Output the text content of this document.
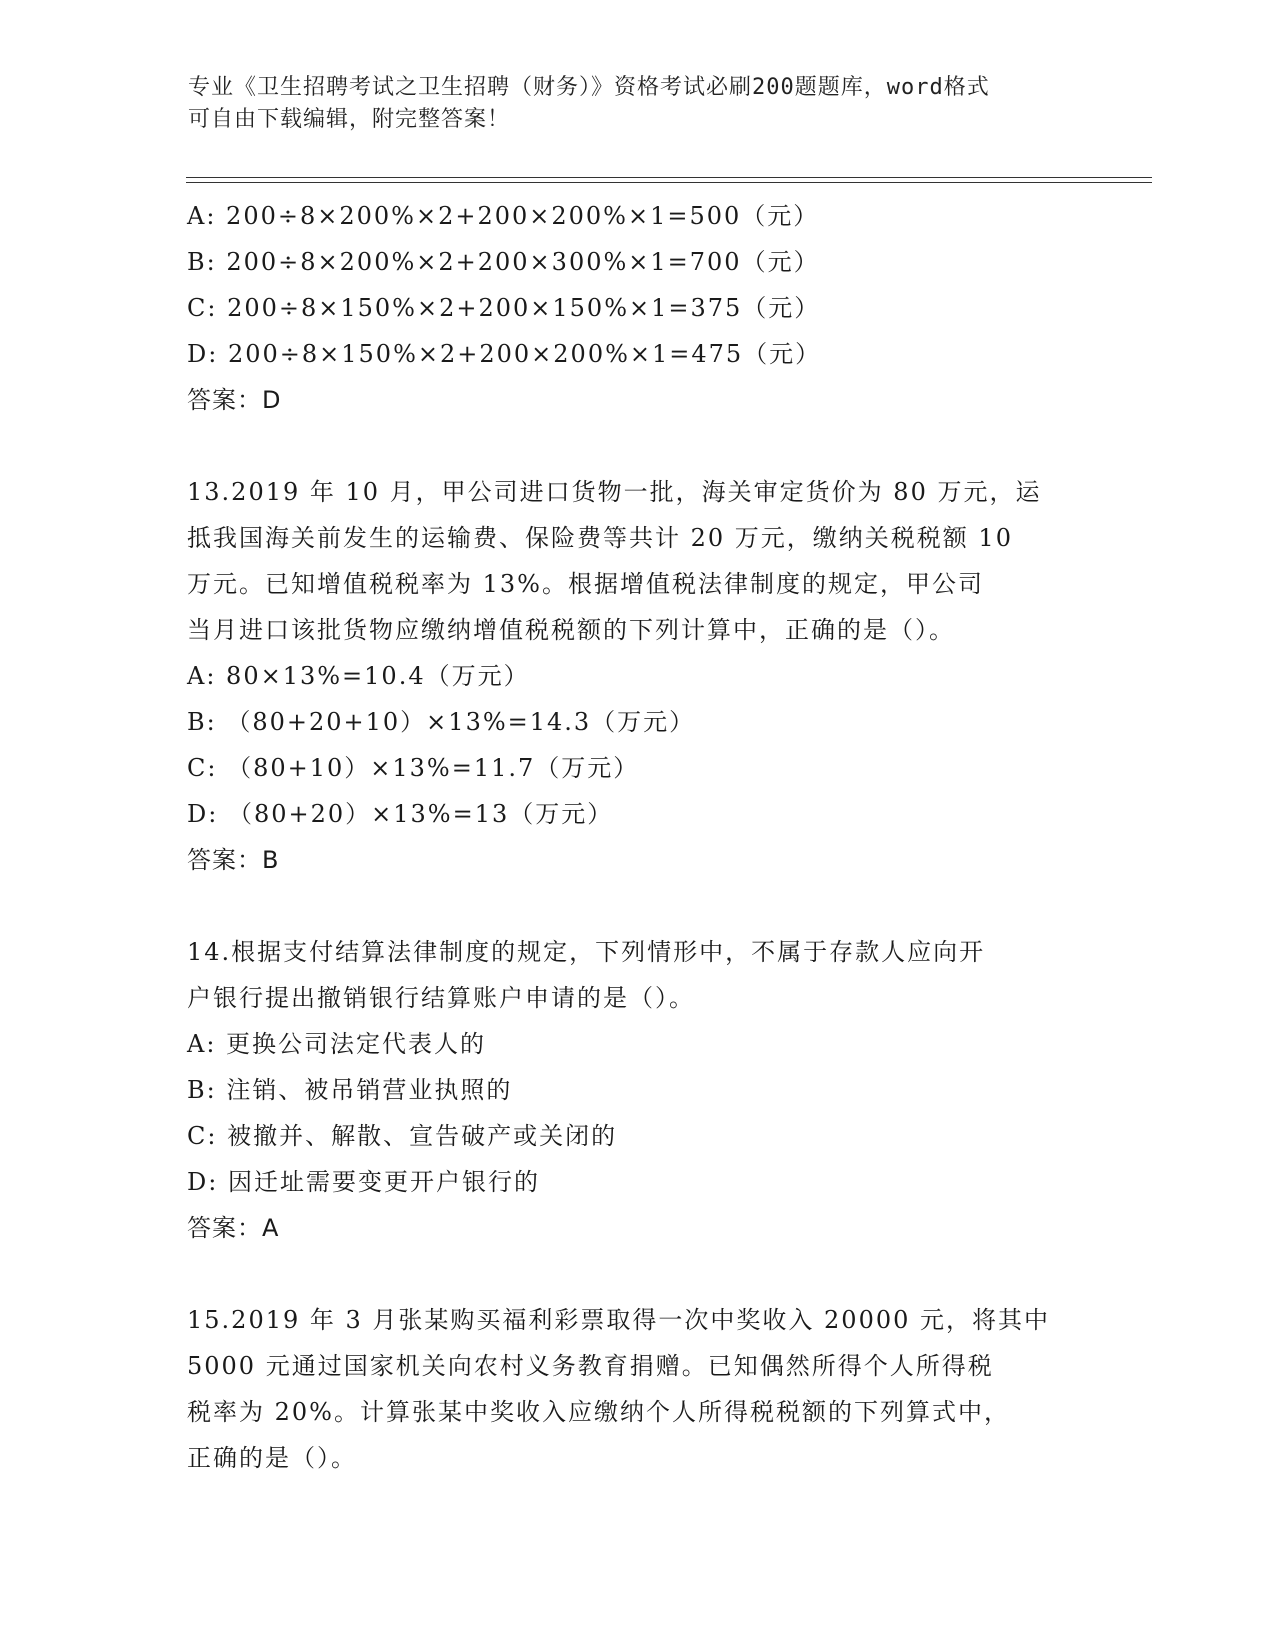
专业《卫生招聘考试之卫生招聘（财务）》资格考试必刷200题题库，word格式
可自由下载编辑，附完整答案！
A: 200÷8×200%×2+200×200%×1=500（元）
B: 200÷8×200%×2+200×300%×1=700（元）
C: 200÷8×150%×2+200×150%×1=375（元）
D: 200÷8×150%×2+200×200%×1=475（元）
答案：D
13.2019 年 10 月，甲公司进口货物一批，海关审定货价为 80 万元，运
抵我国海关前发生的运输费、保险费等共计 20 万元，缴纳关税税额 10
万元。已知增值税税率为 13%。根据增值税法律制度的规定，甲公司
当月进口该批货物应缴纳增值税税额的下列计算中，正确的是（）。
A: 80×13%=10.4（万元）
B: （80+20+10）×13%=14.3（万元）
C: （80+10）×13%=11.7（万元）
D: （80+20）×13%=13（万元）
答案：B
14.根据支付结算法律制度的规定，下列情形中，不属于存款人应向开
户银行提出撤销银行结算账户申请的是（）。
A: 更换公司法定代表人的
B: 注销、被吊销营业执照的
C: 被撤并、解散、宣告破产或关闭的
D: 因迁址需要变更开户银行的
答案：A
15.2019 年 3 月张某购买福利彩票取得一次中奖收入 20000 元，将其中
5000 元通过国家机关向农村义务教育捐赠。已知偶然所得个人所得税
税率为 20%。计算张某中奖收入应缴纳个人所得税税额的下列算式中，
正确的是（）。
